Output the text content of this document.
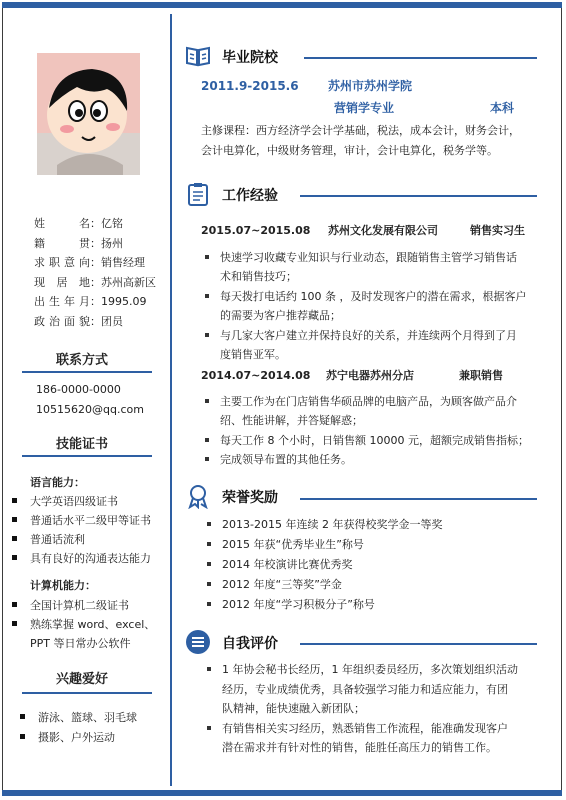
姓名：亿铭
籍贯：扬州
求职意向：销售经理
现居地：苏州高新区
出生年月：1995.09
政治面貌：团员
联系方式
186-0000-0000
10515620@qq.com
技能证书
语言能力：
大学英语四级证书
普通话水平二级甲等证书
普通话流利
具有良好的沟通表达能力
计算机能力：
全国计算机二级证书
熟练掌握 word、excel、
PPT 等日常办公软件
兴趣爱好
游泳、篮球、羽毛球
摄影、户外运动
毕业院校
2011.9-2015.6 苏州市苏州学院
营销学专业	本科
主修课程：西方经济学会计学基础，税法，成本会计，财务会计，
会计电算化，中级财务管理，审计，会计电算化，税务学等。
工作经验
2015.07~2015.08 苏州文化发展有限公司	销售实习生
快速学习收藏专业知识与行业动态，跟随销售主管学习销售话
术和销售技巧；
每天拨打电话约 100 条 ，及时发现客户的潜在需求，根据客户
的需要为客户推荐藏品；
与几家大客户建立并保持良好的关系，并连续两个月得到了月
度销售亚军。
2014.07~2014.08 苏宁电器苏州分店	兼职销售
主要工作为在门店销售华硕品牌的电脑产品，为顾客做产品介
绍、性能讲解，并答疑解惑；
每天工作 8 个小时，日销售额 10000 元，超额完成销售指标；
完成领导布置的其他任务。
荣誉奖励
2013-2015 年连续 2 年获得校奖学金一等奖
2015 年获“优秀毕业生”称号
2014 年校演讲比赛优秀奖
2012 年度“三等奖”学金
2012 年度“学习积极分子”称号
自我评价
1 年协会秘书长经历，1 年组织委员经历，多次策划组织活动
经历，专业成绩优秀，具备较强学习能力和适应能力，有团
队精神，能快速融入新团队；
有销售相关实习经历，熟悉销售工作流程，能准确发现客户
潜在需求并有针对性的销售，能胜任高压力的销售工作。
